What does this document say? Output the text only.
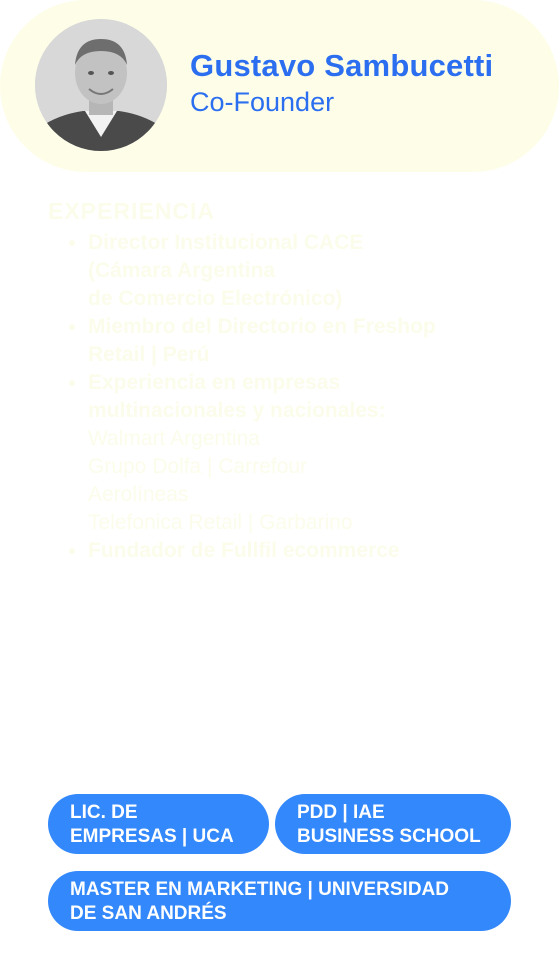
Gustavo Sambucetti
Co-Founder
EXPERIENCIA
• Director Institucional CACE
(Cámara Argentina
de Comercio Electrónico)
• Miembro del Directorio en Freshop
Retail | Perú
• Experiencia en empresas
multinacionales y nacionales:
Walmart Argentina
Grupo Dolfa | Carrefour
Aerolíneas
Telefonica Retail | Garbarino
• Fundador de Fullfil ecommerce
LIC. DE
EMPRESAS | UCA
PDD | IAE
BUSINESS SCHOOL
MASTER EN MARKETING | UNIVERSIDAD
DE SAN ANDRÉS
